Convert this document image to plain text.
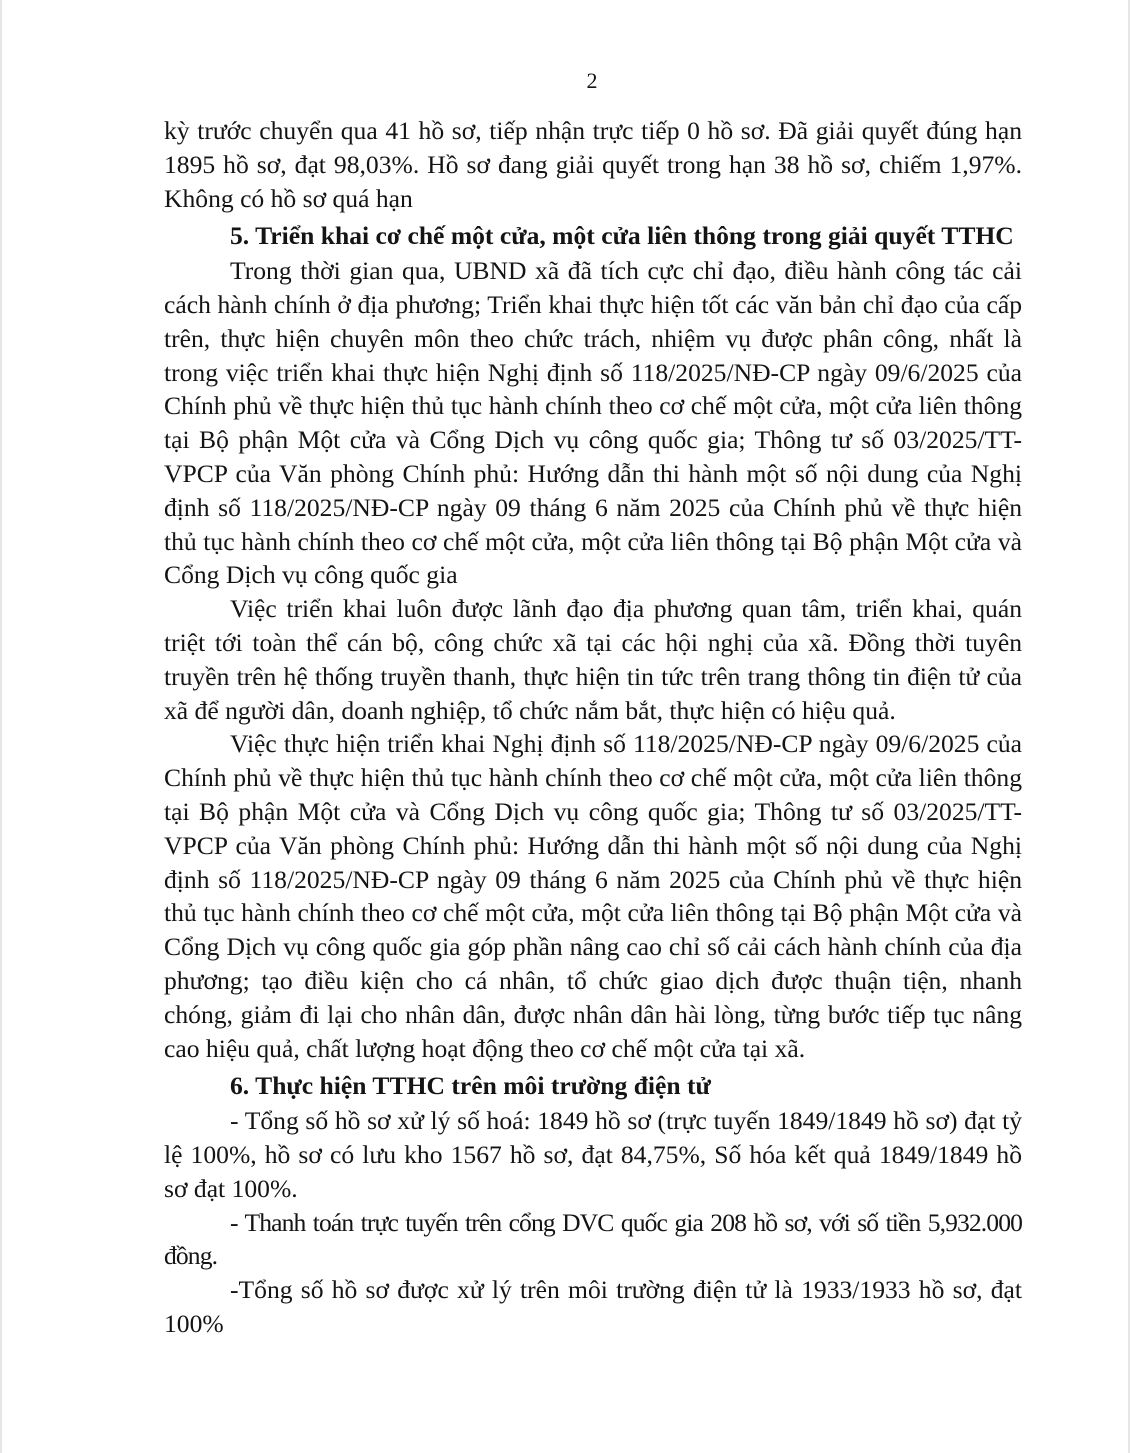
2

kỳ trước chuyển qua 41 hồ sơ, tiếp nhận trực tiếp 0 hồ sơ. Đã giải quyết đúng hạn 1895 hồ sơ, đạt 98,03%. Hồ sơ đang giải quyết trong hạn 38 hồ sơ, chiếm 1,97%. Không có hồ sơ quá hạn

5. Triển khai cơ chế một cửa, một cửa liên thông trong giải quyết TTHC

Trong thời gian qua, UBND xã đã tích cực chỉ đạo, điều hành công tác cải cách hành chính ở địa phương; Triển khai thực hiện tốt các văn bản chỉ đạo của cấp trên, thực hiện chuyên môn theo chức trách, nhiệm vụ được phân công, nhất là trong việc triển khai thực hiện Nghị định số 118/2025/NĐ-CP ngày 09/6/2025 của Chính phủ về thực hiện thủ tục hành chính theo cơ chế một cửa, một cửa liên thông tại Bộ phận Một cửa và Cổng Dịch vụ công quốc gia; Thông tư số 03/2025/TT-VPCP của Văn phòng Chính phủ: Hướng dẫn thi hành một số nội dung của Nghị định số 118/2025/NĐ-CP ngày 09 tháng 6 năm 2025 của Chính phủ về thực hiện thủ tục hành chính theo cơ chế một cửa, một cửa liên thông tại Bộ phận Một cửa và Cổng Dịch vụ công quốc gia

Việc triển khai luôn được lãnh đạo địa phương quan tâm, triển khai, quán triệt tới toàn thể cán bộ, công chức xã tại các hội nghị của xã. Đồng thời tuyên truyền trên hệ thống truyền thanh, thực hiện tin tức trên trang thông tin điện tử của xã để người dân, doanh nghiệp, tổ chức nắm bắt, thực hiện có hiệu quả.

Việc thực hiện triển khai Nghị định số 118/2025/NĐ-CP ngày 09/6/2025 của Chính phủ về thực hiện thủ tục hành chính theo cơ chế một cửa, một cửa liên thông tại Bộ phận Một cửa và Cổng Dịch vụ công quốc gia; Thông tư số 03/2025/TT-VPCP của Văn phòng Chính phủ: Hướng dẫn thi hành một số nội dung của Nghị định số 118/2025/NĐ-CP ngày 09 tháng 6 năm 2025 của Chính phủ về thực hiện thủ tục hành chính theo cơ chế một cửa, một cửa liên thông tại Bộ phận Một cửa và Cổng Dịch vụ công quốc gia góp phần nâng cao chỉ số cải cách hành chính của địa phương; tạo điều kiện cho cá nhân, tổ chức giao dịch được thuận tiện, nhanh chóng, giảm đi lại cho nhân dân, được nhân dân hài lòng, từng bước tiếp tục nâng cao hiệu quả, chất lượng hoạt động theo cơ chế một cửa tại xã.

6. Thực hiện TTHC trên môi trường điện tử

- Tổng số hồ sơ xử lý số hoá: 1849 hồ sơ (trực tuyến 1849/1849 hồ sơ) đạt tỷ lệ 100%, hồ sơ có lưu kho 1567 hồ sơ, đạt 84,75%, Số hóa kết quả 1849/1849 hồ sơ đạt 100%.

- Thanh toán trực tuyến trên cổng DVC quốc gia 208 hồ sơ, với số tiền 5,932.000 đồng.

-Tổng số hồ sơ được xử lý trên môi trường điện tử là 1933/1933 hồ sơ, đạt 100%
